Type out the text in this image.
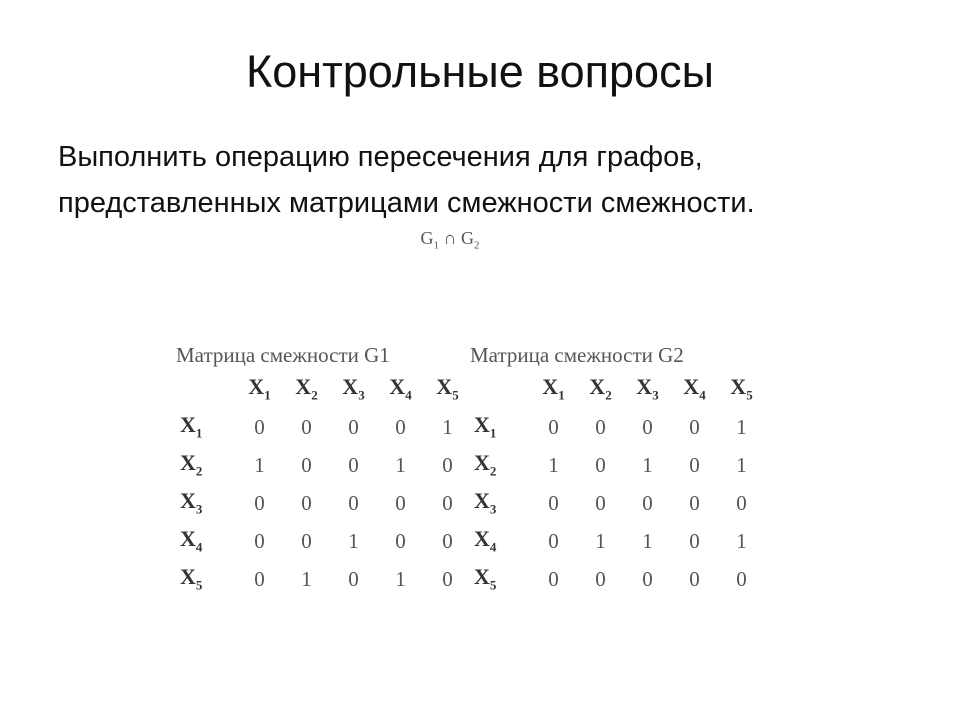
Контрольные вопросы
Выполнить операцию пересечения для графов,
представленных матрицами смежности смежности.
$G_1$ ∩ $G_2$
Матрица смежности G1
	$X_1$	$X_2$	$X_3$	$X_4$	$X_5$
$X_1$	0	0	0	0	1
$X_2$	1	0	0	1	0
$X_3$	0	0	0	0	0
$X_4$	0	0	1	0	0
$X_5$	0	1	0	1	0
Матрица смежности G2
	$X_1$	$X_2$	$X_3$	$X_4$	$X_5$
$X_1$	0	0	0	0	1
$X_2$	1	0	1	0	1
$X_3$	0	0	0	0	0
$X_4$	0	1	1	0	1
$X_5$	0	0	0	0	0
